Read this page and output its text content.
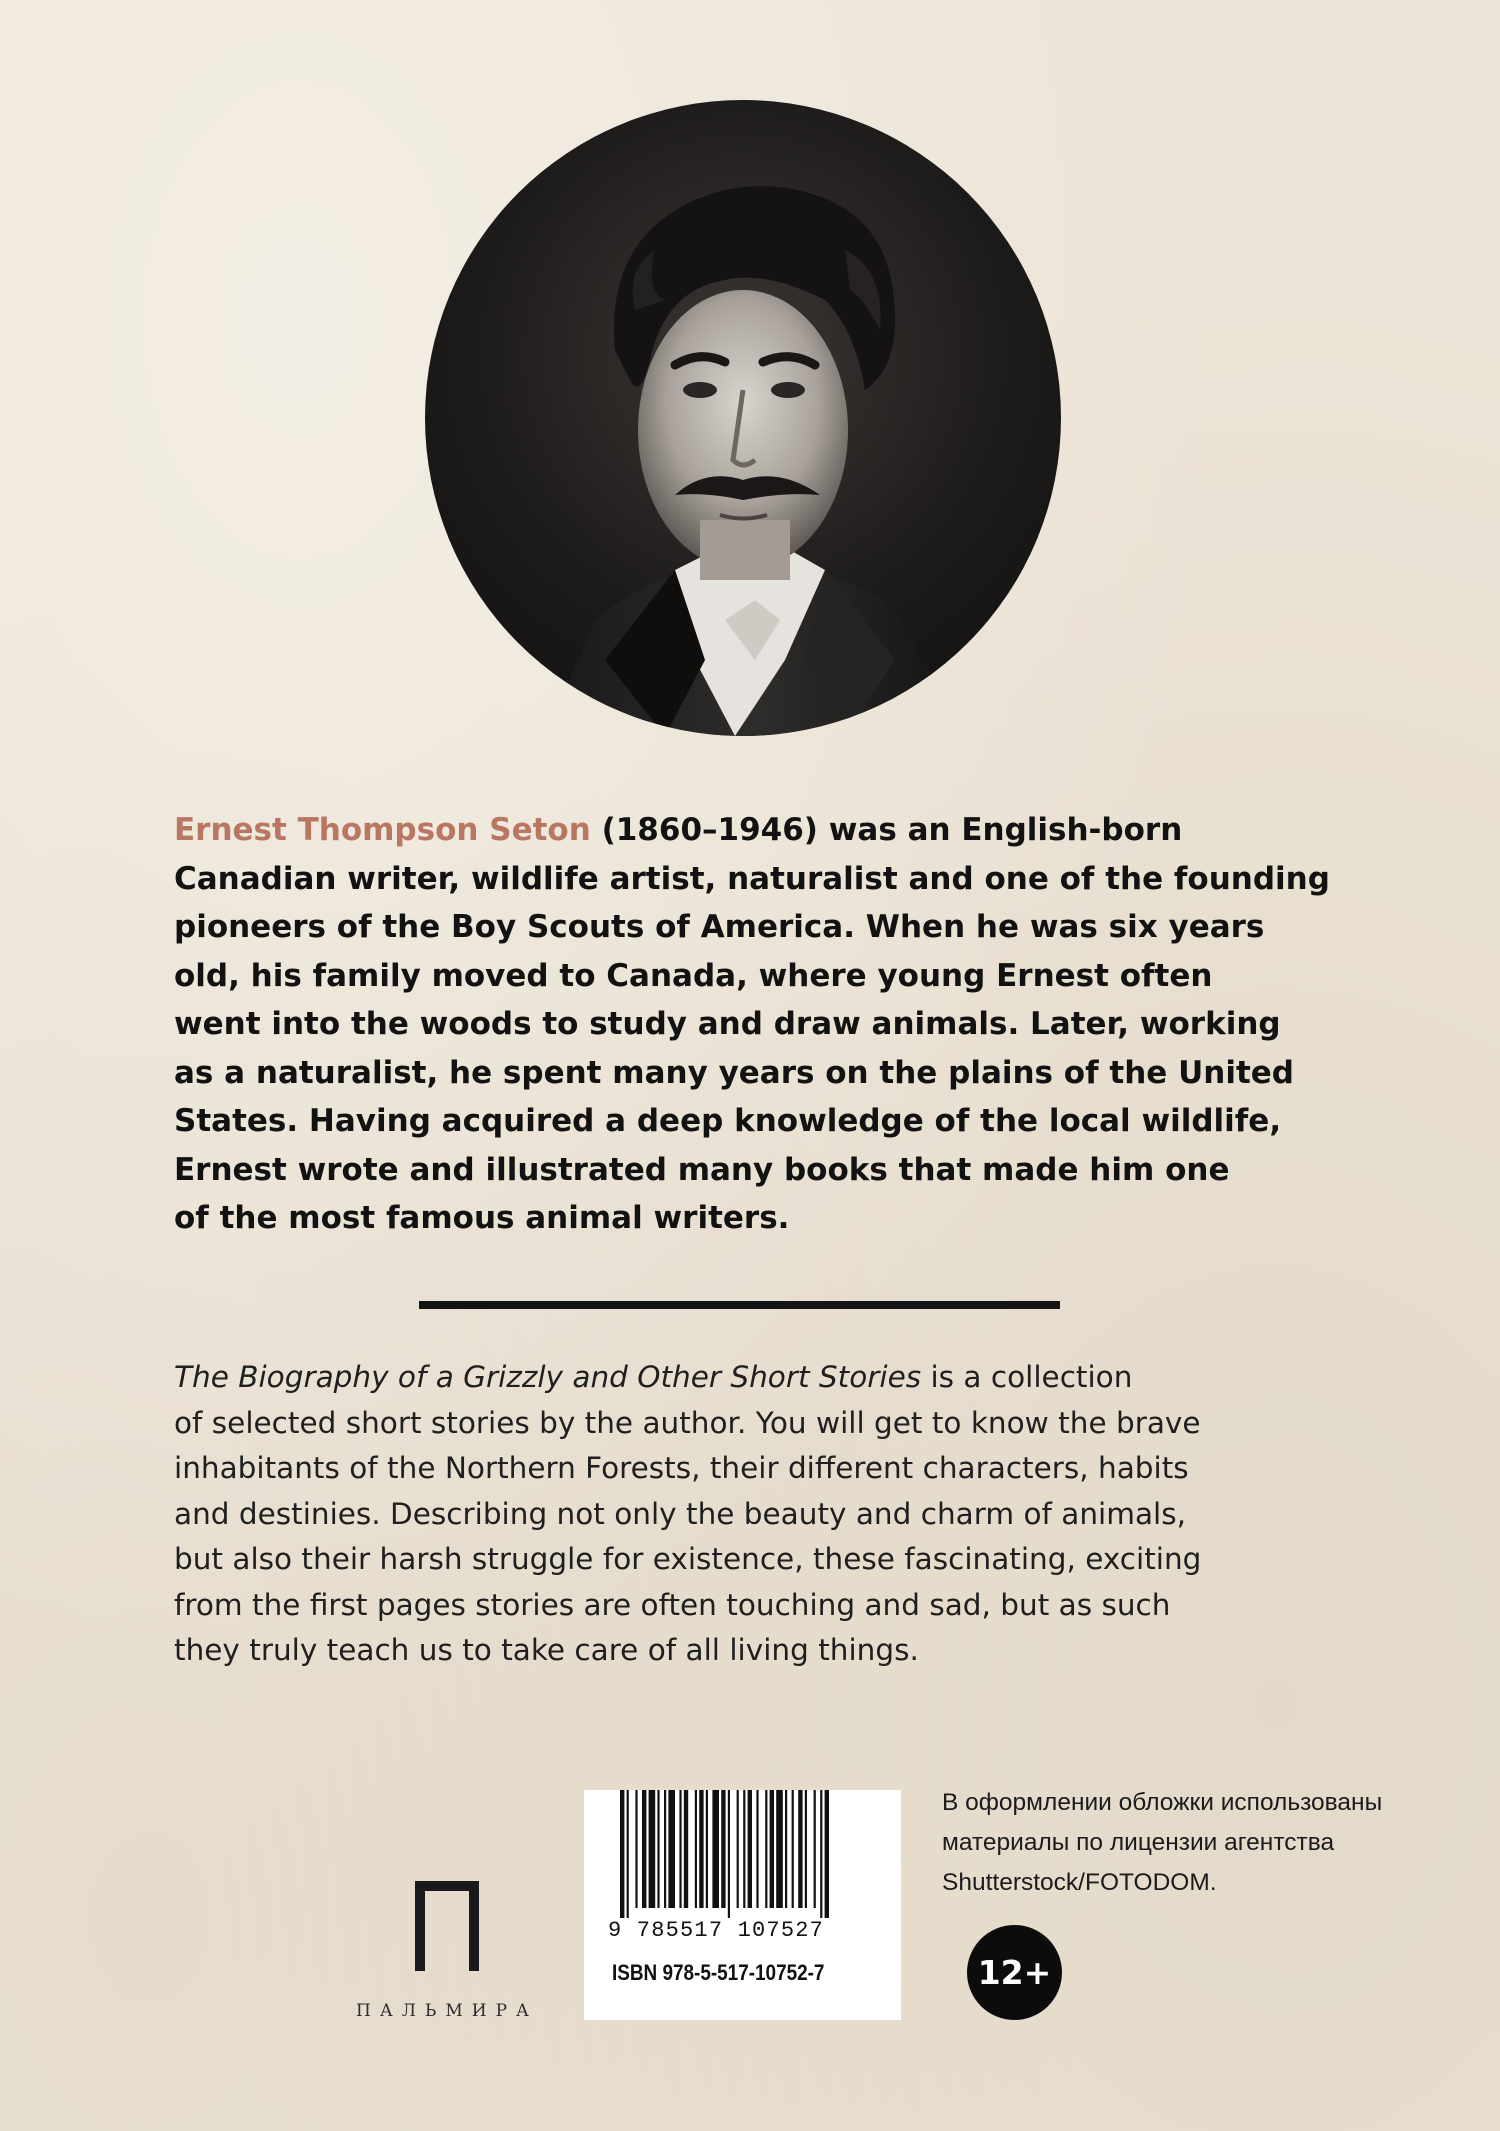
Ernest Thompson Seton (1860–1946) was an English-born
Canadian writer, wildlife artist, naturalist and one of the founding
pioneers of the Boy Scouts of America. When he was six years
old, his family moved to Canada, where young Ernest often
went into the woods to study and draw animals. Later, working
as a naturalist, he spent many years on the plains of the United
States. Having acquired a deep knowledge of the local wildlife,
Ernest wrote and illustrated many books that made him one
of the most famous animal writers.
The Biography of a Grizzly and Other Short Stories is a collection
of selected short stories by the author. You will get to know the brave
inhabitants of the Northern Forests, their different characters, habits
and destinies. Describing not only the beauty and charm of animals,
but also their harsh struggle for existence, these fascinating, exciting
from the first pages stories are often touching and sad, but as such
they truly teach us to take care of all living things.
ПАЛЬМИРА
9 785517 107527
ISBN 978-5-517-10752-7
В оформлении обложки использованы
материалы по лицензии агентства
Shutterstock/FOTODOM.
12+
